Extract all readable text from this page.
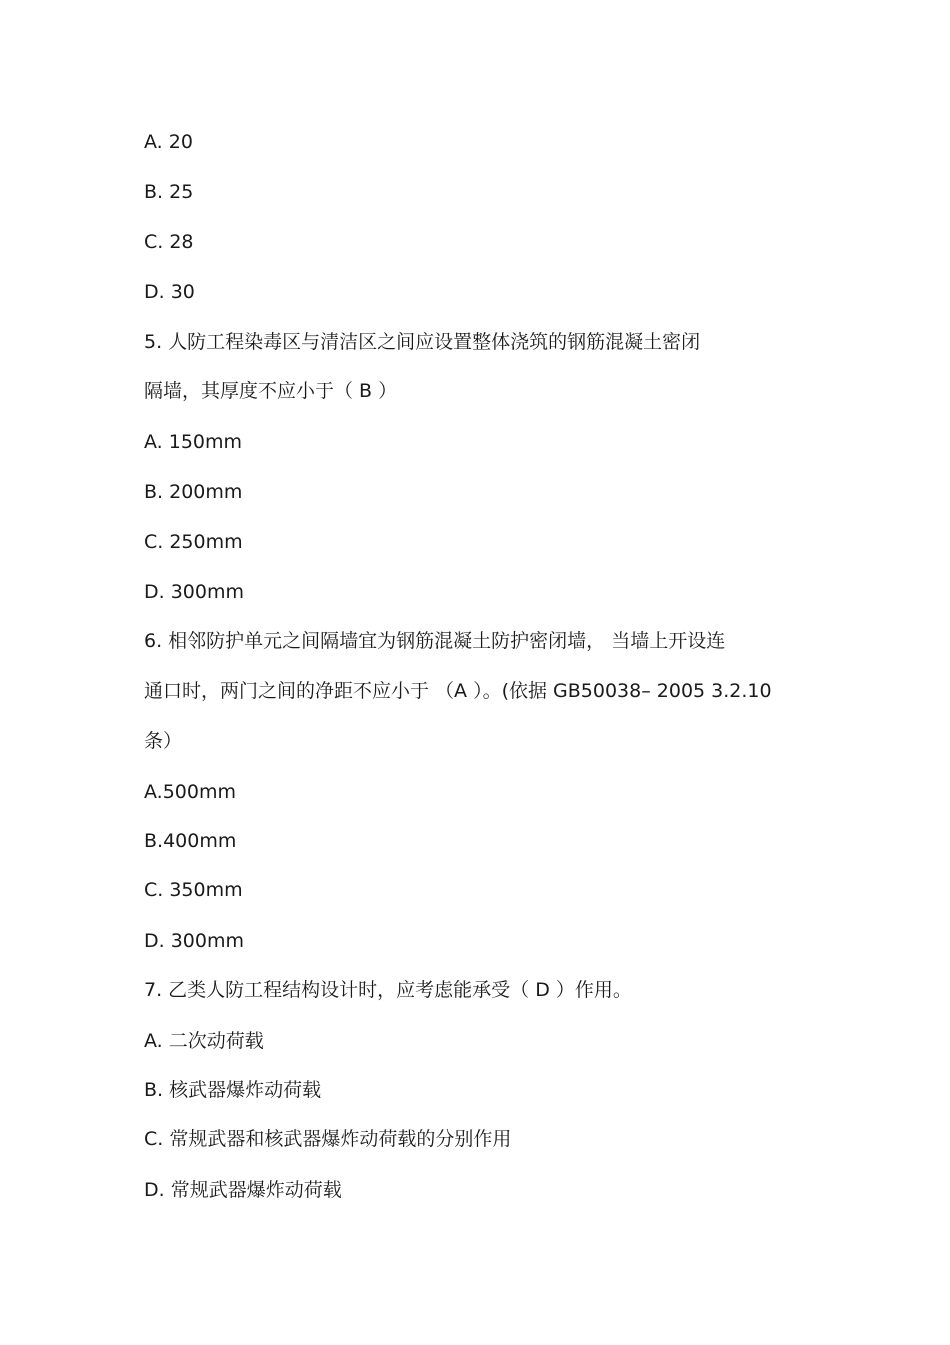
A. 20
B. 25
C. 28
D. 30
5. 人防工程染毒区与清洁区之间应设置整体浇筑的钢筋混凝土密闭
隔墙，其厚度不应小于（ B ）
A. 150mm
B. 200mm
C. 250mm
D. 300mm
6. 相邻防护单元之间隔墙宜为钢筋混凝土防护密闭墙， 当墙上开设连
通口时，两门之间的净距不应小于 （A ）。(依据 GB50038– 2005 3.2.10
条）
A.500mm
B.400mm
C. 350mm
D. 300mm
7. 乙类人防工程结构设计时，应考虑能承受（ D ）作用。
A. 二次动荷载
B. 核武器爆炸动荷载
C. 常规武器和核武器爆炸动荷载的分别作用
D. 常规武器爆炸动荷载
